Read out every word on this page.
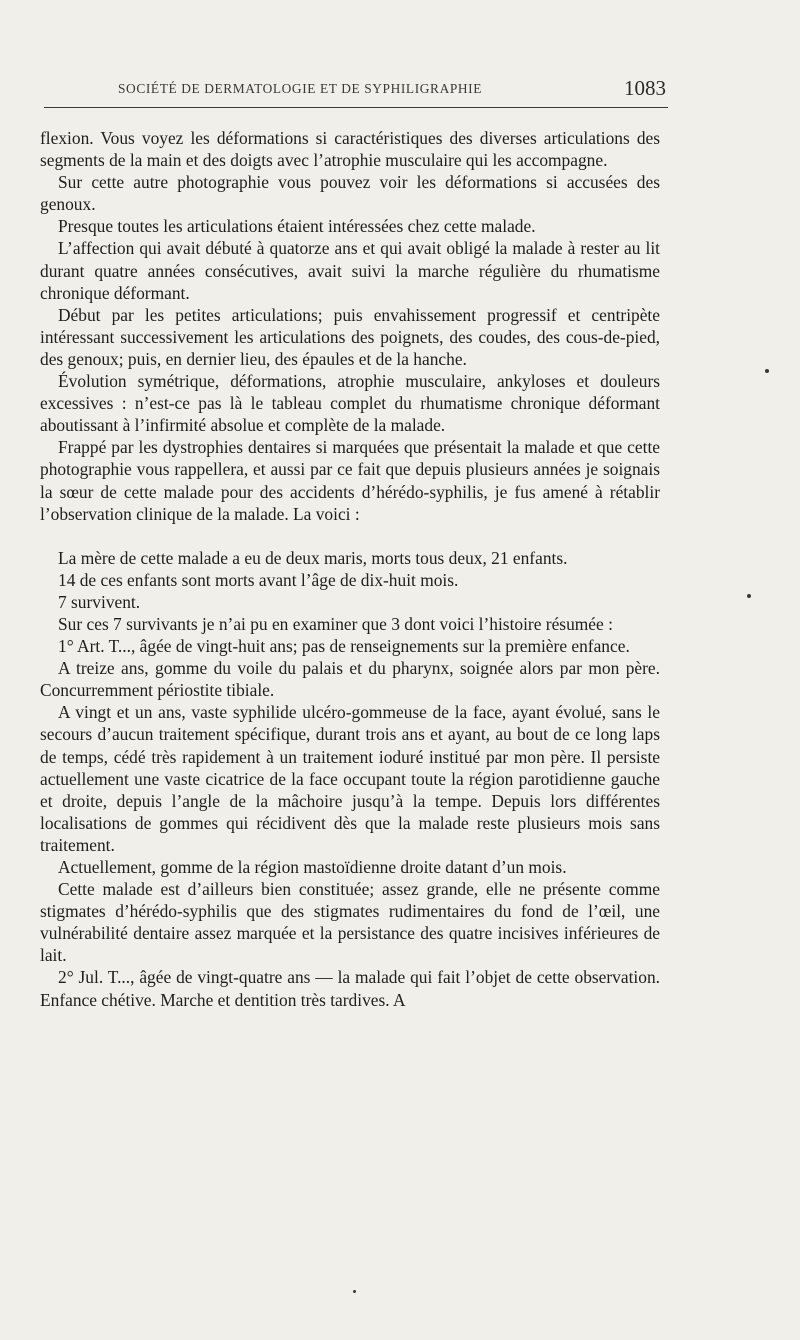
SOCIÉTÉ DE DERMATOLOGIE ET DE SYPHILIGRAPHIE	1083

flexion. Vous voyez les déformations si caractéristiques des diverses articulations des segments de la main et des doigts avec l’atrophie musculaire qui les accompagne.

Sur cette autre photographie vous pouvez voir les déformations si accusées des genoux.

Presque toutes les articulations étaient intéressées chez cette malade.

L’affection qui avait débuté à quatorze ans et qui avait obligé la malade à rester au lit durant quatre années consécutives, avait suivi la marche régulière du rhumatisme chronique déformant.

Début par les petites articulations; puis envahissement progressif et centripète intéressant successivement les articulations des poignets, des coudes, des cous-de-pied, des genoux; puis, en dernier lieu, des épaules et de la hanche.

Évolution symétrique, déformations, atrophie musculaire, ankyloses et douleurs excessives : n’est-ce pas là le tableau complet du rhumatisme chronique déformant aboutissant à l’infirmité absolue et complète de la malade.

Frappé par les dystrophies dentaires si marquées que présentait la malade et que cette photographie vous rappellera, et aussi par ce fait que depuis plusieurs années je soignais la sœur de cette malade pour des accidents d’hérédo-syphilis, je fus amené à rétablir l’observation clinique de la malade. La voici :

La mère de cette malade a eu de deux maris, morts tous deux, 21 enfants.

14 de ces enfants sont morts avant l’âge de dix-huit mois.

7 survivent.

Sur ces 7 survivants je n’ai pu en examiner que 3 dont voici l’histoire résumée :

1° Art. T..., âgée de vingt-huit ans; pas de renseignements sur la première enfance.

A treize ans, gomme du voile du palais et du pharynx, soignée alors par mon père. Concurremment périostite tibiale.

A vingt et un ans, vaste syphilide ulcéro-gommeuse de la face, ayant évolué, sans le secours d’aucun traitement spécifique, durant trois ans et ayant, au bout de ce long laps de temps, cédé très rapidement à un traitement ioduré institué par mon père. Il persiste actuellement une vaste cicatrice de la face occupant toute la région parotidienne gauche et droite, depuis l’angle de la mâchoire jusqu’à la tempe. Depuis lors différentes localisations de gommes qui récidivent dès que la malade reste plusieurs mois sans traitement.

Actuellement, gomme de la région mastoïdienne droite datant d’un mois.

Cette malade est d’ailleurs bien constituée; assez grande, elle ne présente comme stigmates d’hérédo-syphilis que des stigmates rudimentaires du fond de l’œil, une vulnérabilité dentaire assez marquée et la persistance des quatre incisives inférieures de lait.

2° Jul. T..., âgée de vingt-quatre ans — la malade qui fait l’objet de cette observation. Enfance chétive. Marche et dentition très tardives. A
